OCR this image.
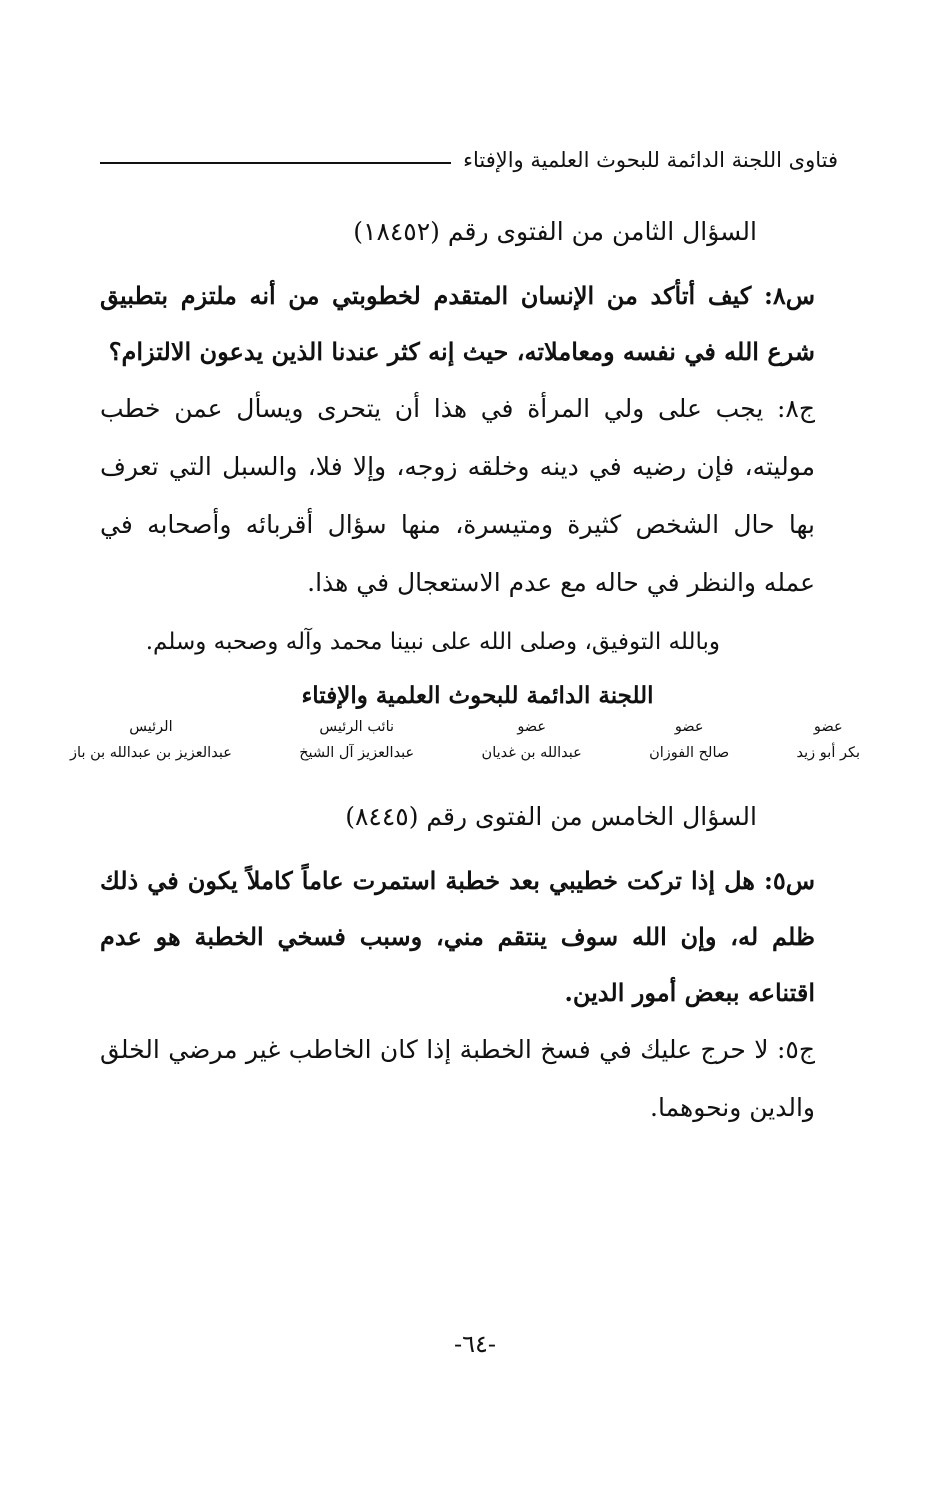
فتاوى اللجنة الدائمة للبحوث العلمية والإفتاء
السؤال الثامن من الفتوى رقم (١٨٤٥٢)

س٨: كيف أتأكد من الإنسان المتقدم لخطوبتي من أنه ملتزم بتطبيق شرع الله في نفسه ومعاملاته، حيث إنه كثر عندنا الذين يدعون الالتزام؟

ج٨: يجب على ولي المرأة في هذا أن يتحرى ويسأل عمن خطب موليته، فإن رضيه في دينه وخلقه زوجه، وإلا فلا، والسبل التي تعرف بها حال الشخص كثيرة ومتيسرة، منها سؤال أقربائه وأصحابه في عمله والنظر في حاله مع عدم الاستعجال في هذا.

وبالله التوفيق، وصلى الله على نبينا محمد وآله وصحبه وسلم.
اللجنة الدائمة للبحوث العلمية والإفتاء
عضو
بكر أبو زيد
عضو
صالح الفوزان
عضو
عبدالله بن غديان
نائب الرئيس
عبدالعزيز آل الشيخ
الرئيس
عبدالعزيز بن عبدالله بن باز
السؤال الخامس من الفتوى رقم (٨٤٤٥)

س٥: هل إذا تركت خطيبي بعد خطبة استمرت عاماً كاملاً يكون في ذلك ظلم له، وإن الله سوف ينتقم مني، وسبب فسخي الخطبة هو عدم اقتناعه ببعض أمور الدين.

ج٥: لا حرج عليك في فسخ الخطبة إذا كان الخاطب غير مرضي الخلق والدين ونحوهما.

-٦٤-
